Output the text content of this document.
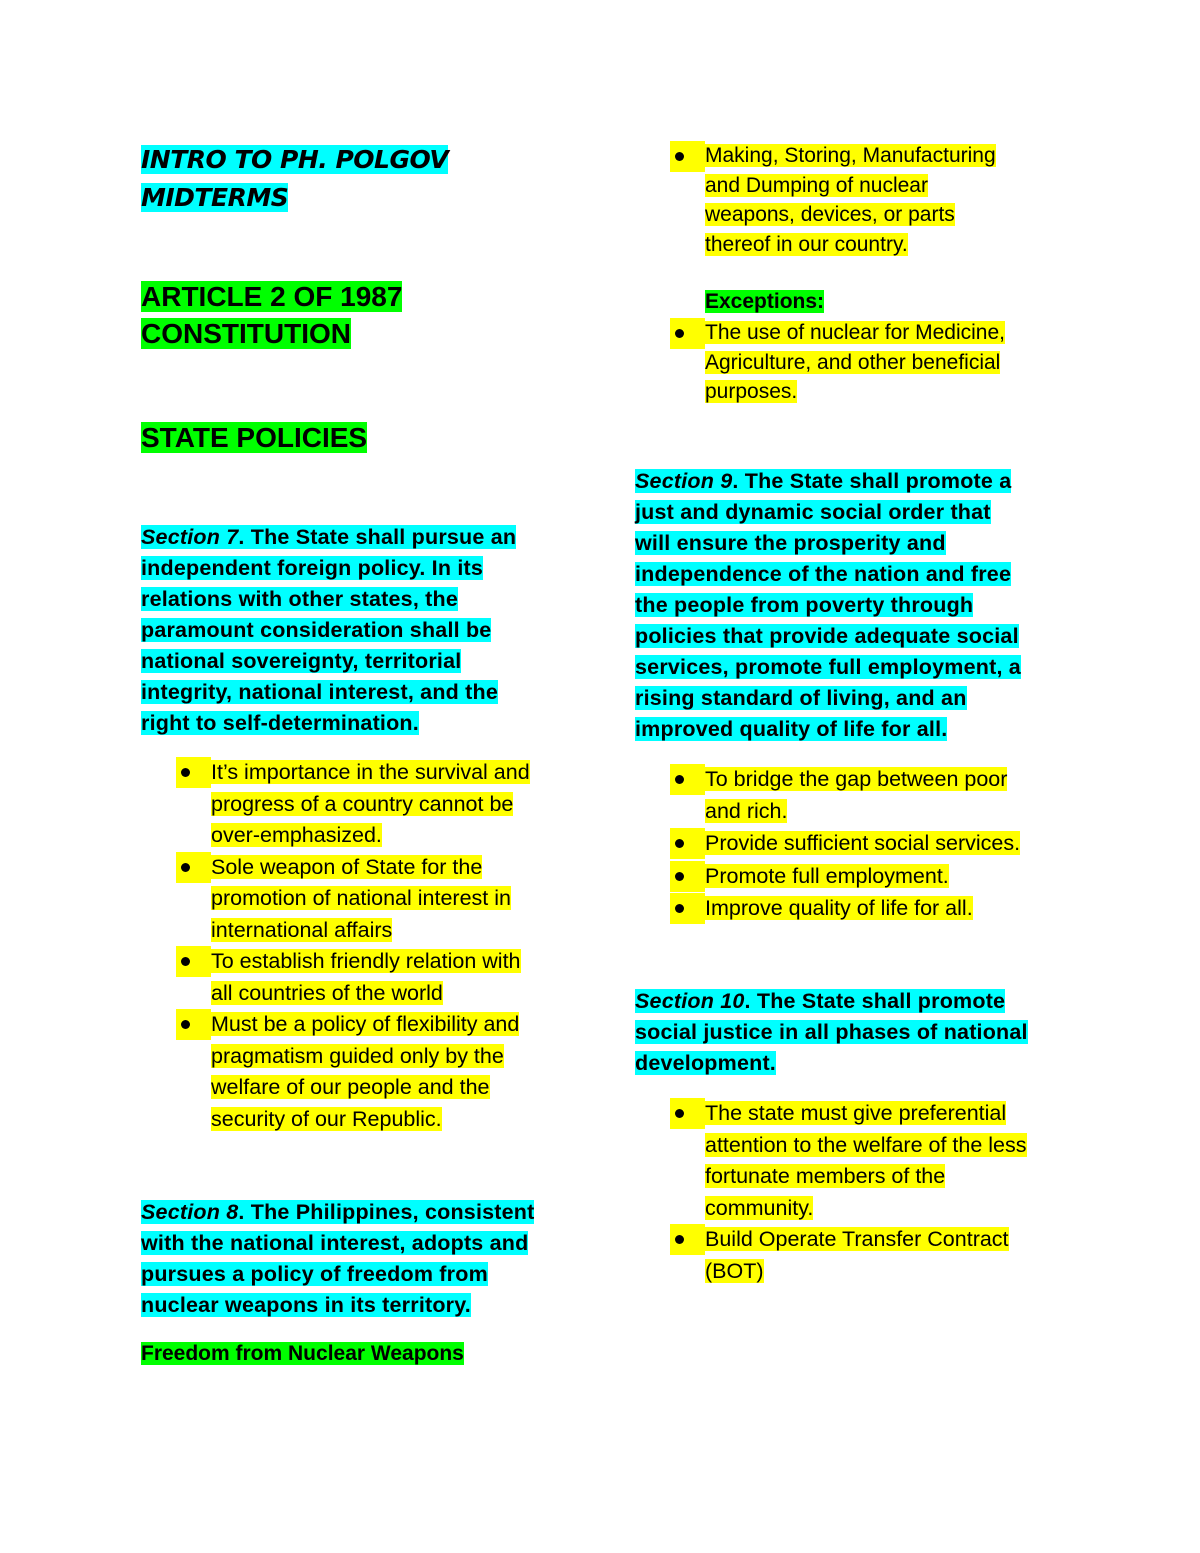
INTRO TO PH. POLGOV
MIDTERMS
ARTICLE 2 OF 1987
CONSTITUTION
STATE POLICIES
Section 7. The State shall pursue an
independent foreign policy. In its
relations with other states, the
paramount consideration shall be
national sovereignty, territorial
integrity, national interest, and the
right to self-determination.
It’s importance in the survival and
progress of a country cannot be
over-emphasized.
Sole weapon of State for the
promotion of national interest in
international affairs
To establish friendly relation with
all countries of the world
Must be a policy of flexibility and
pragmatism guided only by the
welfare of our people and the
security of our Republic.
Section 8. The Philippines, consistent
with the national interest, adopts and
pursues a policy of freedom from
nuclear weapons in its territory.
Freedom from Nuclear Weapons
Making, Storing, Manufacturing
and Dumping of nuclear
weapons, devices, or parts
thereof in our country.
Exceptions:
The use of nuclear for Medicine,
Agriculture, and other beneficial
purposes.
Section 9. The State shall promote a
just and dynamic social order that
will ensure the prosperity and
independence of the nation and free
the people from poverty through
policies that provide adequate social
services, promote full employment, a
rising standard of living, and an
improved quality of life for all.
To bridge the gap between poor
and rich.
Provide sufficient social services.
Promote full employment.
Improve quality of life for all.
Section 10. The State shall promote
social justice in all phases of national
development.
The state must give preferential
attention to the welfare of the less
fortunate members of the
community.
Build Operate Transfer Contract
(BOT)
